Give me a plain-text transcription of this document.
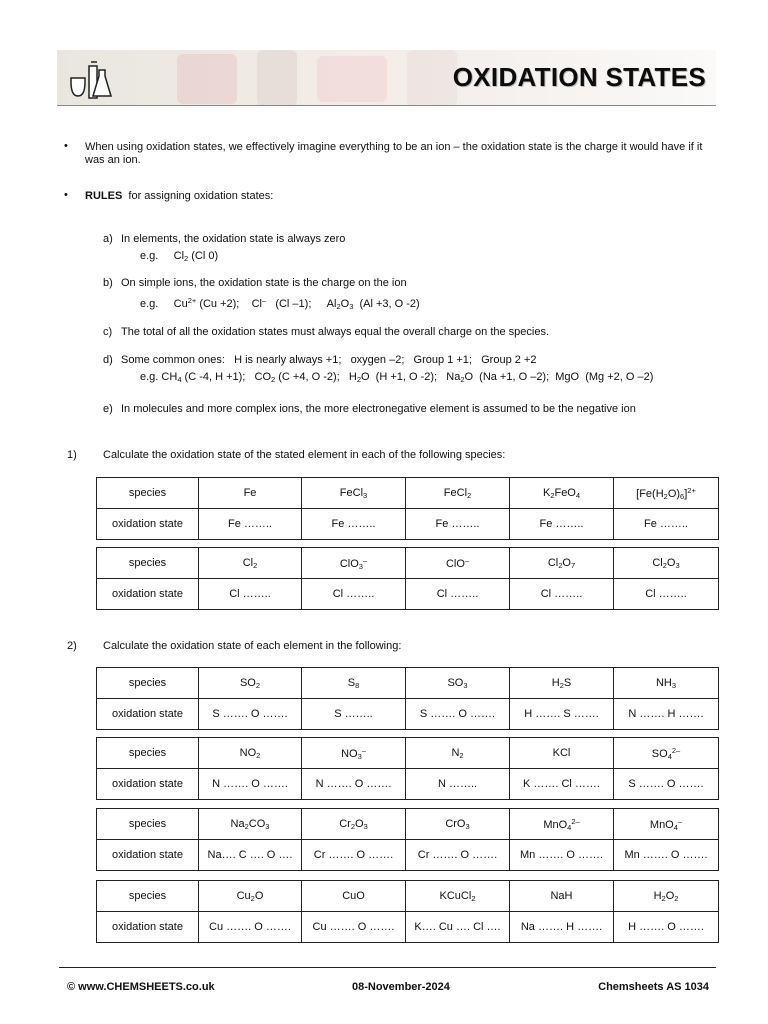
OXIDATION STATES
• When using oxidation states, we effectively imagine everything to be an ion – the oxidation state is the charge it would have if it was an ion.
• RULES for assigning oxidation states:
a) In elements, the oxidation state is always zero
e.g.     $Cl_2$ (Cl 0)
b) On simple ions, the oxidation state is the charge on the ion
e.g.     $Cu^{2+}$ (Cu +2);    Cl–   (Cl –1);     $Al_2O_3$  (Al +3, O -2)
c) The total of all the oxidation states must always equal the overall charge on the species.
d) Some common ones:   H is nearly always +1;   oxygen –2;   Group 1 +1;   Group 2 +2
e.g. $CH_4$ (C -4, H +1);   $CO_2$ (C +4, O -2);   $H_2O$  (H +1, O -2);   $Na_2O$  (Na +1, O –2);  MgO  (Mg +2, O –2)
e) In molecules and more complex ions, the more electronegative element is assumed to be the negative ion
1) Calculate the oxidation state of the stated element in each of the following species:
species	Fe	FeCl$_3$	FeCl$_2$	$K_2FeO_4$	$[Fe(H_2O)_6]^{2+}$
oxidation state	Fe ……..	Fe ……..	Fe ……..	Fe ……..	Fe ……..
species	$Cl_2$	ClO$_3$–	ClO–	$Cl_2O_7$	$Cl_2O_3$
oxidation state	Cl ……..	Cl ……..	Cl ……..	Cl ……..	Cl ……..
2) Calculate the oxidation state of each element in the following:
species	$SO_2$	$S_8$	$SO_3$	$H_2S$	$NH_3$
oxidation state	S ……. O …….	S ……..	S ……. O …….	H ……. S …….	N ……. H …….
species	$NO_2$	$NO_3^-$	$N_2$	KCl	$SO_4^{2-}$
oxidation state	N ……. O …….	N ……. O …….	N ……..	K ……. Cl …….	S ……. O …….
species	$Na_2CO_3$	$Cr_2O_3$	CrO$_3$	MnO$_4^{2-}$	MnO$_4$–
oxidation state	Na…. C …. O ….	Cr ……. O …….	Cr ……. O …….	Mn ……. O …….	Mn ……. O …….
species	$Cu_2O$	CuO	KCuCl$_2$	NaH	$H_2O_2$
oxidation state	Cu ……. O …….	Cu ……. O …….	K…. Cu …. Cl ….	Na ……. H …….	H ……. O …….
© www.CHEMSHEETS.co.uk	08-November-2024	Chemsheets AS 1034
